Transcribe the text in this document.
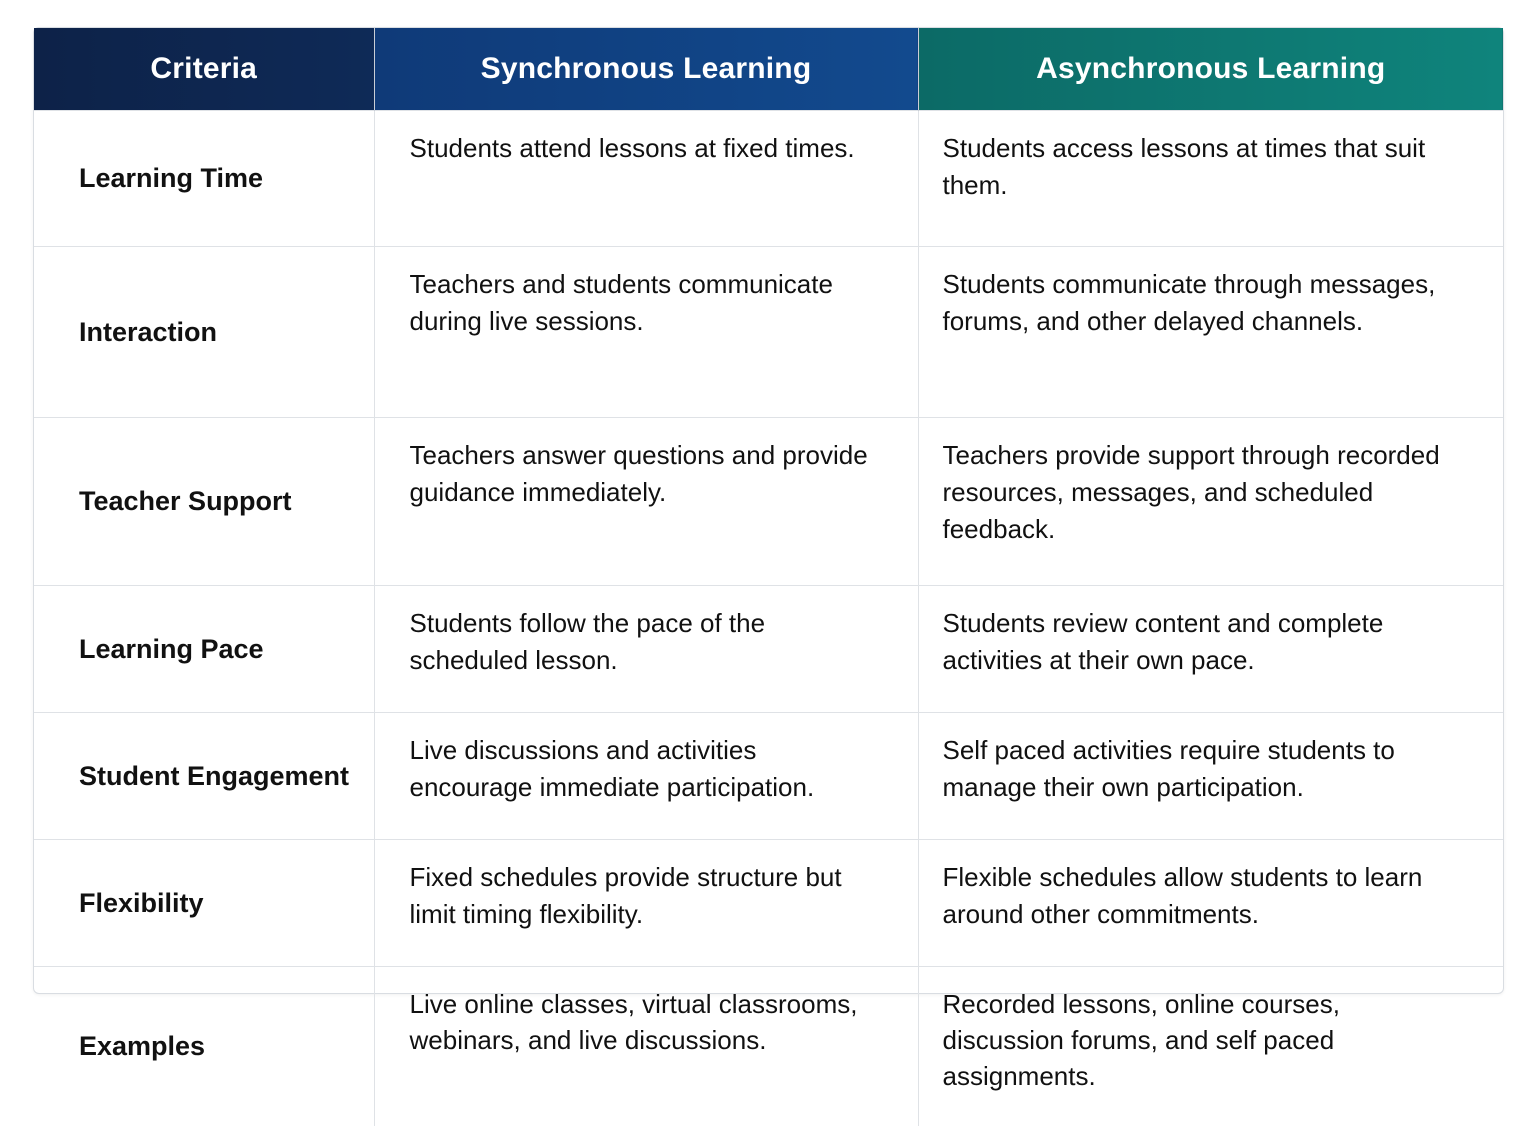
Criteria	Synchronous Learning	Asynchronous Learning
Learning Time	Students attend lessons at fixed times.	Students access lessons at times that suit them.
Interaction	Teachers and students communicate during live sessions.	Students communicate through messages, forums, and other delayed channels.
Teacher Support	Teachers answer questions and provide guidance immediately.	Teachers provide support through recorded resources, messages, and scheduled feedback.
Learning Pace	Students follow the pace of the scheduled lesson.	Students review content and complete activities at their own pace.
Student Engagement	Live discussions and activities encourage immediate participation.	Self paced activities require students to manage their own participation.
Flexibility	Fixed schedules provide structure but limit timing flexibility.	Flexible schedules allow students to learn around other commitments.
Examples	Live online classes, virtual classrooms, webinars, and live discussions.	Recorded lessons, online courses, discussion forums, and self paced assignments.
